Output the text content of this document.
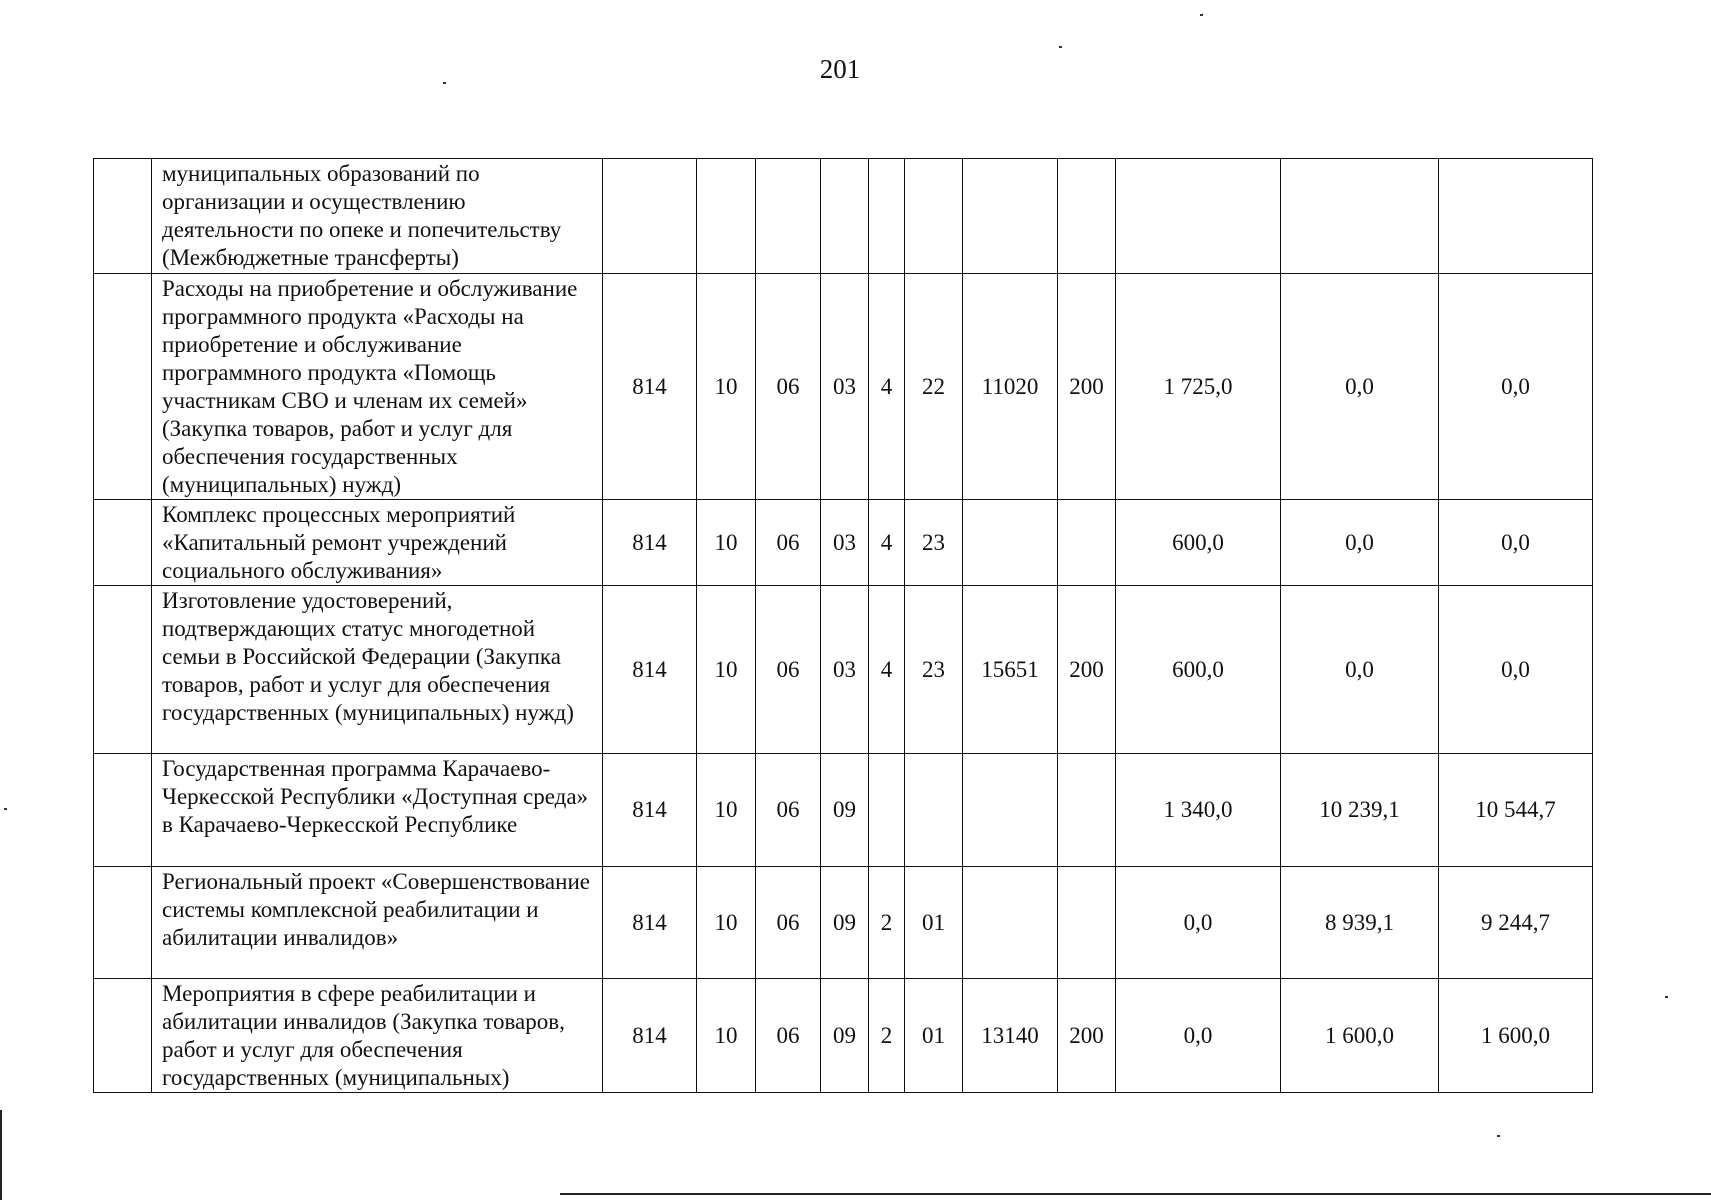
201
	муниципальных образований по организации и осуществлению деятельности по опеке и попечительству (Межбюджетные трансферты)											
	Расходы на приобретение и обслуживание программного продукта «Расходы на приобретение и обслуживание программного продукта «Помощь участникам СВО и членам их семей» (Закупка товаров, работ и услуг для обеспечения государственных (муниципальных) нужд)	814	10	06	03	4	22	11020	200	1 725,0	0,0	0,0
	Комплекс процессных мероприятий «Капитальный ремонт учреждений социального обслуживания»	814	10	06	03	4	23			600,0	0,0	0,0
	Изготовление удостоверений, подтверждающих статус многодетной семьи в Российской Федерации (Закупка товаров, работ и услуг для обеспечения государственных (муниципальных) нужд)	814	10	06	03	4	23	15651	200	600,0	0,0	0,0
	Государственная программа Карачаево-Черкесской Республики «Доступная среда» в Карачаево-Черкесской Республике	814	10	06	09					1 340,0	10 239,1	10 544,7
	Региональный проект «Совершенствование системы комплексной реабилитации и абилитации инвалидов»	814	10	06	09	2	01			0,0	8 939,1	9 244,7
	Мероприятия в сфере реабилитации и абилитации инвалидов (Закупка товаров, работ и услуг для обеспечения государственных (муниципальных)	814	10	06	09	2	01	13140	200	0,0	1 600,0	1 600,0
